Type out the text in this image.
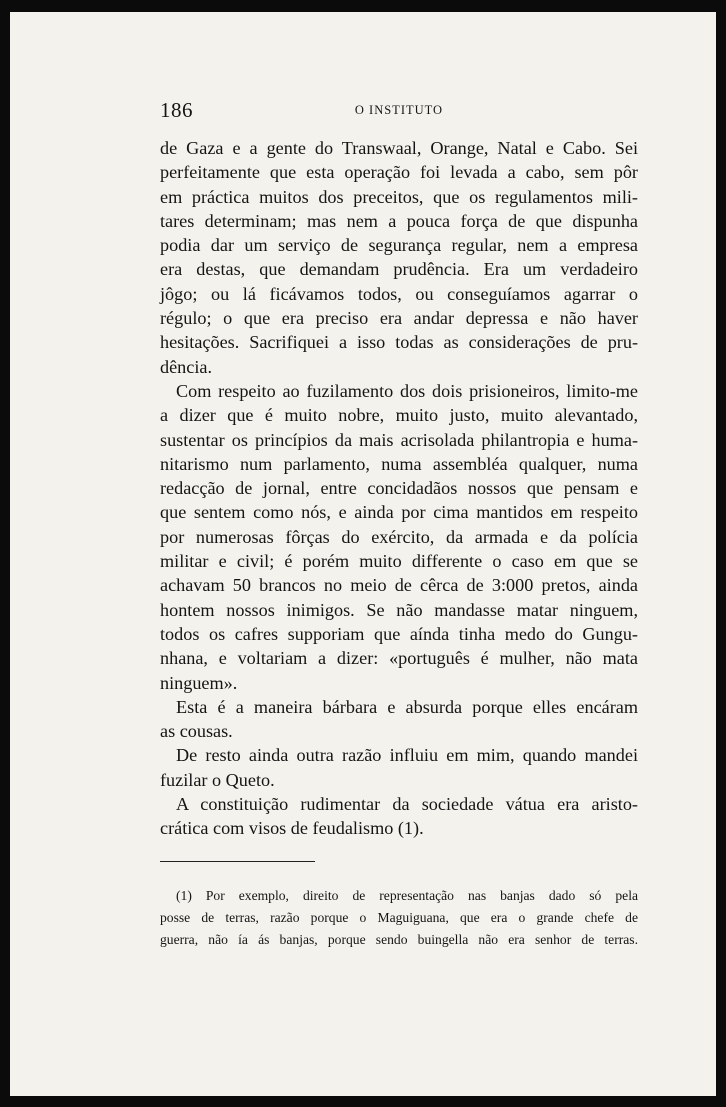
186	O INSTITUTO
de Gaza e a gente do Transwaal, Orange, Natal e Cabo. Sei
perfeitamente que esta operação foi levada a cabo, sem pôr
em práctica muitos dos preceitos, que os regulamentos mili-
tares determinam; mas nem a pouca força de que dispunha
podia dar um serviço de segurança regular, nem a empresa
era destas, que demandam prudência. Era um verdadeiro
jôgo; ou lá ficávamos todos, ou conseguíamos agarrar o
régulo; o que era preciso era andar depressa e não haver
hesitações. Sacrifiquei a isso todas as considerações de pru-
dência.
Com respeito ao fuzilamento dos dois prisioneiros, limito-me
a dizer que é muito nobre, muito justo, muito alevantado,
sustentar os princípios da mais acrisolada philantropia e huma-
nitarismo num parlamento, numa assembléa qualquer, numa
redacção de jornal, entre concidadãos nossos que pensam e
que sentem como nós, e ainda por cima mantidos em respeito
por numerosas fôrças do exército, da armada e da polícia
militar e civil; é porém muito differente o caso em que se
achavam 50 brancos no meio de cêrca de 3:000 pretos, ainda
hontem nossos inimigos. Se não mandasse matar ninguem,
todos os cafres supporiam que aínda tinha medo do Gungu-
nhana, e voltariam a dizer: «português é mulher, não mata
ninguem».
Esta é a maneira bárbara e absurda porque elles encáram
as cousas.
De resto ainda outra razão influiu em mim, quando mandei
fuzilar o Queto.
A constituição rudimentar da sociedade vátua era aristo-
crática com visos de feudalismo (1).
(1) Por exemplo, direito de representação nas banjas dado só pela
posse de terras, razão porque o Maguiguana, que era o grande chefe de
guerra, não ía ás banjas, porque sendo buingella não era senhor de terras.
